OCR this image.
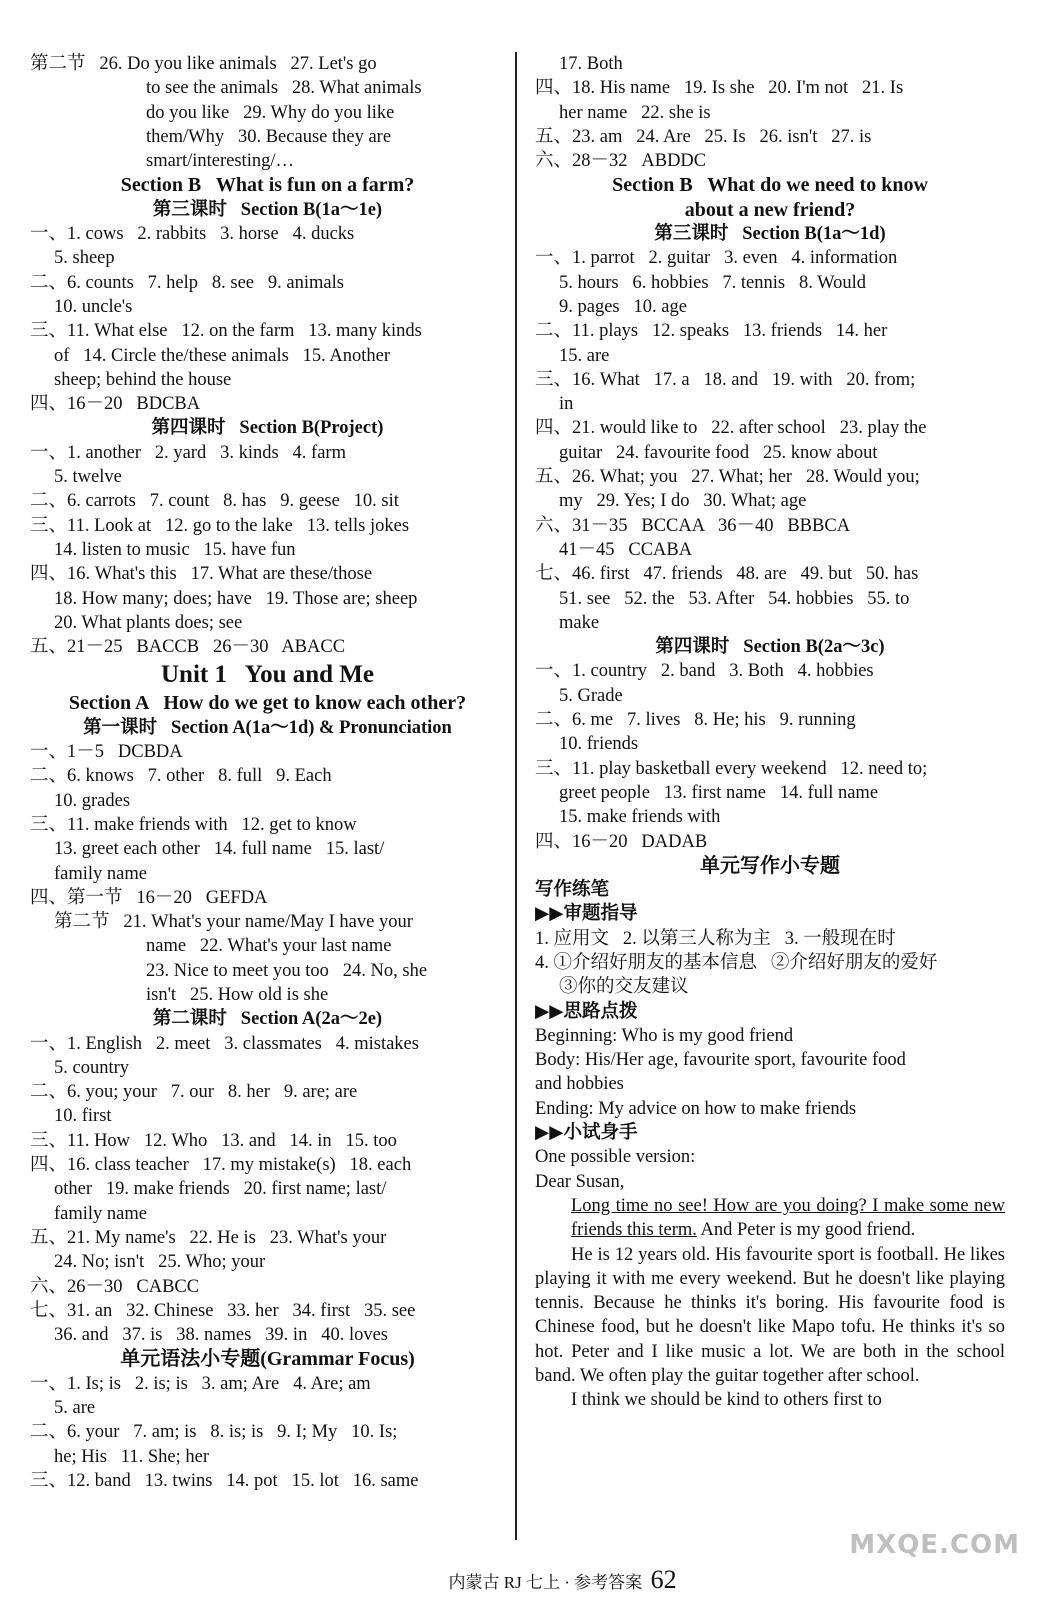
第二节   26. Do you like animals   27. Let's go
to see the animals   28. What animals
do you like   29. Why do you like
them/Why   30. Because they are
smart/interesting/…
Section B   What is fun on a farm?
第三课时   Section B(1a～1e)
一、1. cows   2. rabbits   3. horse   4. ducks
5. sheep
二、6. counts   7. help   8. see   9. animals
10. uncle's
三、11. What else   12. on the farm   13. many kinds
of   14. Circle the/these animals   15. Another
sheep; behind the house
四、16－20   BDCBA
第四课时   Section B(Project)
一、1. another   2. yard   3. kinds   4. farm
5. twelve
二、6. carrots   7. count   8. has   9. geese   10. sit
三、11. Look at   12. go to the lake   13. tells jokes
14. listen to music   15. have fun
四、16. What's this   17. What are these/those
18. How many; does; have   19. Those are; sheep
20. What plants does; see
五、21－25   BACCB   26－30   ABACC
Unit 1   You and Me
Section A   How do we get to know each other?
第一课时   Section A(1a～1d) & Pronunciation
一、1－5   DCBDA
二、6. knows   7. other   8. full   9. Each
10. grades
三、11. make friends with   12. get to know
13. greet each other   14. full name   15. last/
family name
四、第一节   16－20   GEFDA
第二节   21. What's your name/May I have your
name   22. What's your last name
23. Nice to meet you too   24. No, she
isn't   25. How old is she
第二课时   Section A(2a～2e)
一、1. English   2. meet   3. classmates   4. mistakes
5. country
二、6. you; your   7. our   8. her   9. are; are
10. first
三、11. How   12. Who   13. and   14. in   15. too
四、16. class teacher   17. my mistake(s)   18. each
other   19. make friends   20. first name; last/
family name
五、21. My name's   22. He is   23. What's your
24. No; isn't   25. Who; your
六、26－30   CABCC
七、31. an   32. Chinese   33. her   34. first   35. see
36. and   37. is   38. names   39. in   40. loves
单元语法小专题(Grammar Focus)
一、1. Is; is   2. is; is   3. am; Are   4. Are; am
5. are
二、6. your   7. am; is   8. is; is   9. I; My   10. Is;
he; His   11. She; her
三、12. band   13. twins   14. pot   15. lot   16. same
17. Both
四、18. His name   19. Is she   20. I'm not   21. Is
her name   22. she is
五、23. am   24. Are   25. Is   26. isn't   27. is
六、28－32   ABDDC
Section B   What do we need to know
about a new friend?
第三课时   Section B(1a～1d)
一、1. parrot   2. guitar   3. even   4. information
5. hours   6. hobbies   7. tennis   8. Would
9. pages   10. age
二、11. plays   12. speaks   13. friends   14. her
15. are
三、16. What   17. a   18. and   19. with   20. from;
in
四、21. would like to   22. after school   23. play the
guitar   24. favourite food   25. know about
五、26. What; you   27. What; her   28. Would you;
my   29. Yes; I do   30. What; age
六、31－35   BCCAA   36－40   BBBCA
41－45   CCABA
七、46. first   47. friends   48. are   49. but   50. has
51. see   52. the   53. After   54. hobbies   55. to
make
第四课时   Section B(2a～3c)
一、1. country   2. band   3. Both   4. hobbies
5. Grade
二、6. me   7. lives   8. He; his   9. running
10. friends
三、11. play basketball every weekend   12. need to;
greet people   13. first name   14. full name
15. make friends with
四、16－20   DADAB
单元写作小专题
写作练笔
▶▶审题指导
1. 应用文   2. 以第三人称为主   3. 一般现在时
4. ①介绍好朋友的基本信息   ②介绍好朋友的爱好
③你的交友建议
▶▶思路点拨
Beginning: Who is my good friend
Body: His/Her age, favourite sport, favourite food
and hobbies
Ending: My advice on how to make friends
▶▶小试身手
One possible version:
Dear Susan,
Long time no see! How are you doing? I make some new friends this term. And Peter is my good friend.
He is 12 years old. His favourite sport is football. He likes playing it with me every weekend. But he doesn't like playing tennis. Because he thinks it's boring. His favourite food is Chinese food, but he doesn't like Mapo tofu. He thinks it's so hot. Peter and I like music a lot. We are both in the school band. We often play the guitar together after school.
I think we should be kind to others first to

内蒙古 RJ 七上 · 参考答案 62

MXQE.COM
